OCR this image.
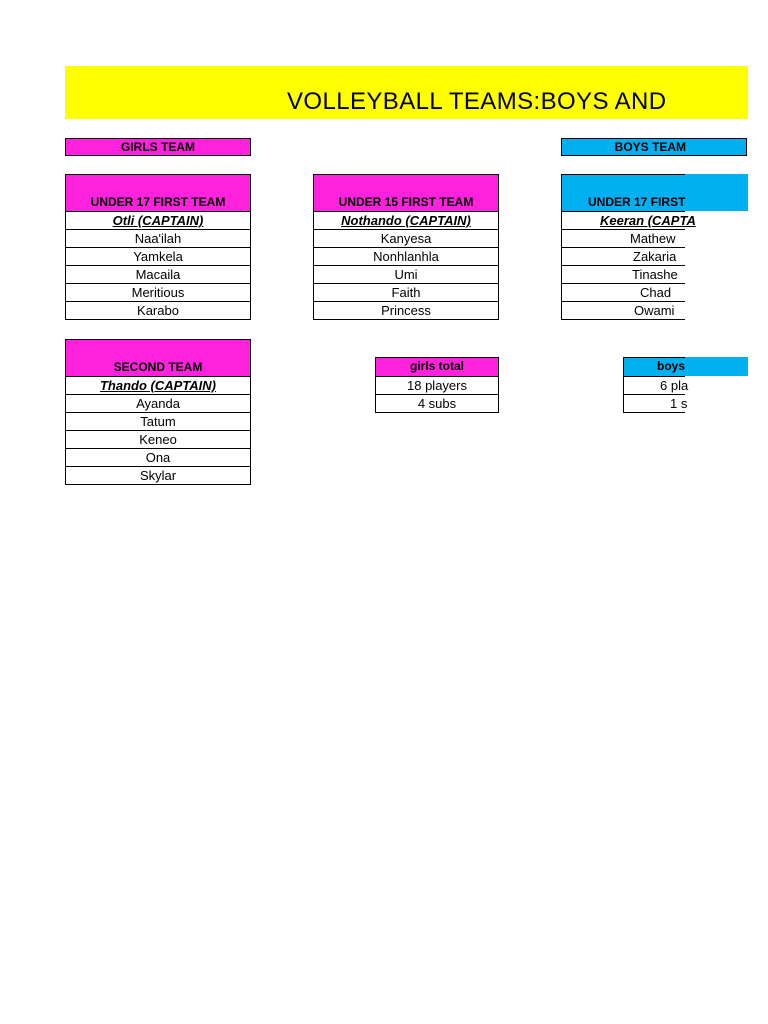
VOLLEYBALL TEAMS:BOYS AND
GIRLS TEAM	BOYS TEAM
UNDER 17 FIRST TEAM
Otli (CAPTAIN)
Naa'ilah
Yamkela
Macaila
Meritious
Karabo
UNDER 15 FIRST TEAM
Nothando (CAPTAIN)
Kanyesa
Nonhlanhla
Umi
Faith
Princess
UNDER 17 FIRST
Keeran (CAPTA
Mathew
Zakaria
Tinashe
Chad
Owami
SECOND TEAM
Thando (CAPTAIN)
Ayanda
Tatum
Keneo
Ona
Skylar
girls total
18 players
4 subs
boys
6 pla
1 s
